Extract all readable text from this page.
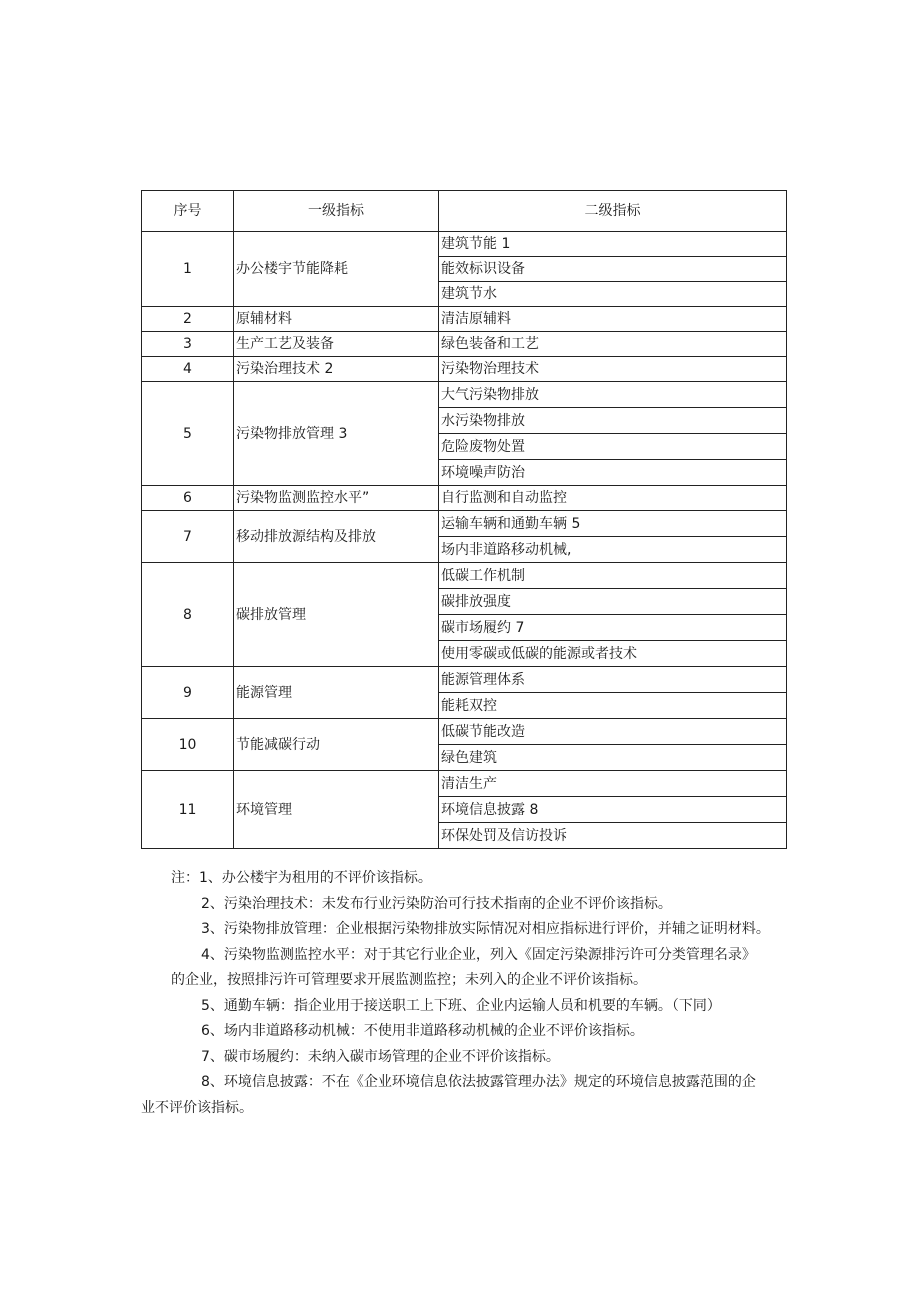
序号	一级指标	二级指标
1	办公楼宇节能降耗	建筑节能 1
		能效标识设备
		建筑节水
2	原辅材料	清洁原辅料
3	生产工艺及装备	绿色装备和工艺
4	污染治理技术 2	污染物治理技术
5	污染物排放管理 3	大气污染物排放
		水污染物排放
		危险废物处置
		环境噪声防治
6	污染物监测监控水平”	自行监测和自动监控
7	移动排放源结构及排放	运输车辆和通勤车辆 5
		场内非道路移动机械,
8	碳排放管理	低碳工作机制
		碳排放强度
		碳市场履约 7
		使用零碳或低碳的能源或者技术
9	能源管理	能源管理体系
		能耗双控
10	节能减碳行动	低碳节能改造
		绿色建筑
11	环境管理	清洁生产
		环境信息披露 8
		环保处罚及信访投诉

注：1、办公楼宇为租用的不评价该指标。

2、污染治理技术：未发布行业污染防治可行技术指南的企业不评价该指标。

3、污染物排放管理：企业根据污染物排放实际情况对相应指标进行评价，并辅之证明材料。

4、污染物监测监控水平：对于其它行业企业，列入《固定污染源排污许可分类管理名录》

的企业，按照排污许可管理要求开展监测监控；未列入的企业不评价该指标。

5、通勤车辆：指企业用于接送职工上下班、企业内运输人员和机要的车辆。（下同）

6、场内非道路移动机械：不使用非道路移动机械的企业不评价该指标。

7、碳市场履约：未纳入碳市场管理的企业不评价该指标。

8、环境信息披露：不在《企业环境信息依法披露管理办法》规定的环境信息披露范围的企

业不评价该指标。
